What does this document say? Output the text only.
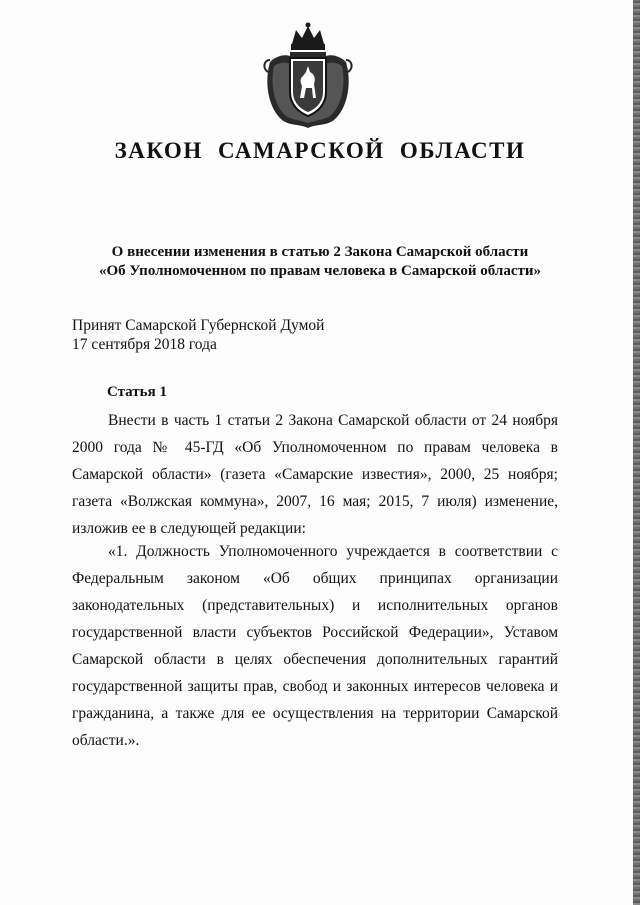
ЗАКОН САМАРСКОЙ ОБЛАСТИ
О внесении изменения в статью 2 Закона Самарской области
«Об Уполномоченном по правам человека в Самарской области»
Принят Самарской Губернской Думой
17 сентября 2018 года
Статья 1

Внести в часть 1 статьи 2 Закона Самарской области от 24 ноября 2000 года № 45-ГД «Об Уполномоченном по правам человека в Самарской области» (газета «Самарские известия», 2000, 25 ноября; газета «Волжская коммуна», 2007, 16 мая; 2015, 7 июля) изменение, изложив ее в следующей редакции:

«1. Должность Уполномоченного учреждается в соответствии с Федеральным законом «Об общих принципах организации законодательных (представительных) и исполнительных органов государственной власти субъектов Российской Федерации», Уставом Самарской области в целях обеспечения дополнительных гарантий государственной защиты прав, свобод и законных интересов человека и гражданина, а также для ее осуществления на территории Самарской области.».
